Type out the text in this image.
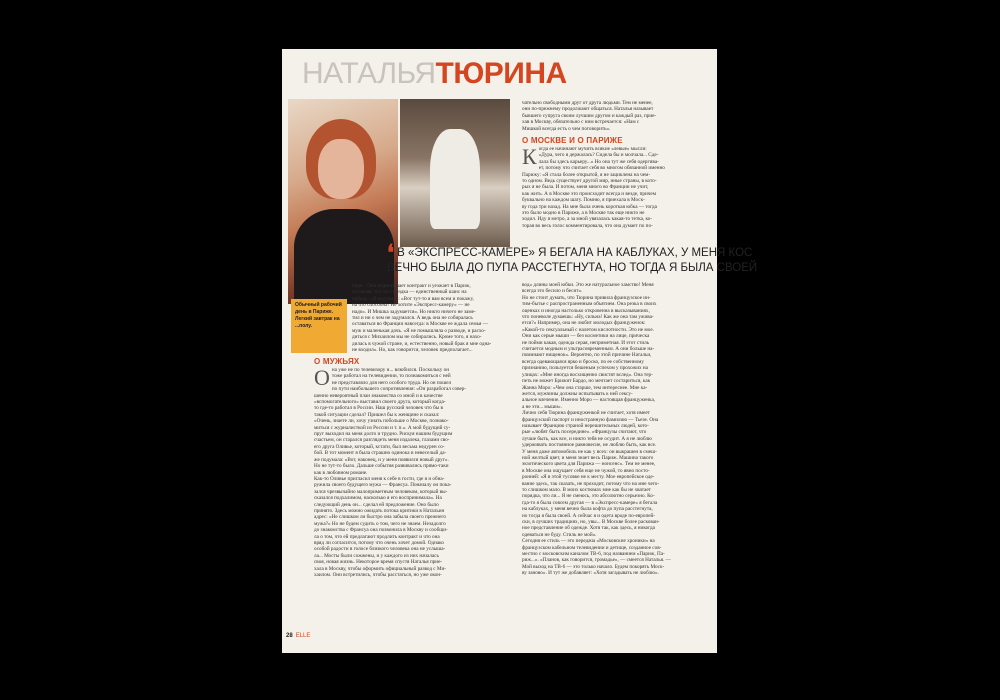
НАТАЛЬЯТЮРИНА
Обычный рабочий день в Париже. Легкий завтрак на ...полу.

чательно свободными друг от друга людьми. Тем не менее,

они по-прежнему продолжают общаться. Наталья называет

бывшего супруга своим лучшим другом и каждый раз, прие-

хав в Москву, обязательно с ним встречается: «Нам с

Мишкой всегда есть о чем поговорить».

О МОСКВЕ И О ПАРИЖЕ
К огда ее начинают мучить всякие «левые» мысли:

«Дура, чего я держалась? Сидела бы и молчала... Сде-

лала бы здесь карьеру...» Но она тут же себя одергива-

ет, потому что считает себя во многом обязанной именно

Парижу: «Я стала более открытой, я не зациклена на чем-

то одном. Ведь существует другой мир, иные страны, в кото-

рых я не была. И потом, меня много во Франции не учит,

как жить. А в Москве это происходит всегда и везде, причем

буквально на каждом шагу. Помню, я приехала в Моск-

ву года три назад. На мне была очень короткая юбка — тогда

это было модно в Париже, а в Москве так еще никто не

ходил. Иду я метро, а за мной увязалась какая-то тетка, ко-

торая во весь голос комментировала, что она думает по по-

❛ В «ЭКСПРЕСС-КАМЕРЕ» Я БЕГАЛА НА КАБЛУКАХ, У МЕНЯ КОС
ВЕЧНО БЫЛА ДО ПУПА РАССТЕГНУТА, НО ТОГДА Я БЫЛА СВОЕЙ

паде... Она подписывает контракт и уезжает в Париж,

оставляя, что это поездка — единственный шанс на

победу: «Я подумала: «Вот тут-то я вам всем и покажу,

на что способна! Не хотите «Экспресс-камеру» — не

надо». И Мишка задумается». Но никто ничего не заме-

тил и ни о чем не задумался. А ведь она не собиралась

оставаться во Франции навсегда: в Москве ее ждала семья —

муж и маленькая дочь. «Я не помышляла о разводе, и расхо-

диться с Михаилом мы не собирались. Кроме того, я нахо-

дилась в чужой стране, и, естественно, новый брак я мне одна-

не входил». Но, как говорится, человек предполагает...

О МУЖЬЯХ
О на уже не по телевизору и... влюбился. Поскольку он

тоже работал на телевидении, то познакомиться с ней

не представляло для него особого труда. Но он пошел

по пути наибольшего сопротивления: «Он разработал совер-

шенно невероятный план знакомства со мной и в качестве

«вспомогательного» выставил своего друга, который когда-

то где-то работал в России. Наш русский человек что бы в

такой ситуации сделал? Пришел бы к женщине и сказал:

«Очень, знаете ли, хочу узнать побольше о Москве, познако-

миться с журналисткой из России и т. п.». А мой будущий су-

пруг выходил на меня долго и трудно. Рискуя нашим будущим

счастьем, он старался разглядеть меня издалека, глазами сво-

его друга Оливье, который, кстати, был весьма недурен со-

бой. В тот момент я была страшно одинока и невеселый да-

же подумала: «Вот, наконец, и у меня появился новый друг».

Но не тут-то было. Дальше события развивались прямо-таки

как в любовном романе.

Как-то Оливье пригласил меня к себе в гости, где я и обна-

ружила своего будущего мужа — Франсуа. Поначалу он пока-

зался чрезвычайно малоприметным человеком, который вы-

сказался подхалимом, насколько я его воспринимала». На

следующий день он... сделал ей предложение. Оно было

принято. Здесь можно ожидать потока критики в Натальин

адрес: «Не слишком ли быстро она забыла своего прежнего

мужа?» Но не будем судить о том, чего не знаем. Незадолго

до знакомства с Франсуа она позвонила в Москву и сообщи-

ла о том, что ей предлагают продлить контракт и что она

вряд ли согласится, потому что очень хочет домой. Однако

особой радости в голосе близкого человека она не услыша-

ла... Мосты были сожжены, и у каждого из них началась

своя, новая жизнь. Некоторое время спустя Наталья прие-

хала в Москву, чтобы оформить официальный развод с Ми-

хаилом. Они встретились, чтобы расстаться, но уже окон-

вод» длины моей юбки. Это же натуральное хамство! Меня

всегда это бесило и бесит».

Но не стоит думать, что Тюрина привила французское ин-

тим-бытье с распространенным объятием. Она резка в своих

оценках и иногда настолько откровенна в высказываниях,

что поневоле думаешь: «Ну, сильна! Как же она там ужива-

ется?» Например, она не любит молодых француженок:

«Какой-то сексуальный с налетом кислотности. Это не мое.

Они как серые мыши — без косметики на лице, прическа

не пойми какая, одежда серая, неприметная. И этот стиль

считается модным и ультрасовременным. А они больше на-

поминают нищенок». Вероятно, по этой причине Натальи,

всегда одевающаяся ярко и броско, по ее собственному

признанию, пользуется бешеным успехом у прохожих на

улицах: «Мне иногда восхищенно свистят вслед». Она тер-

петь не может Брижит Бардо, но мечтает состариться, как

Жанна Моро: «Чем она старше, тем интереснее. Мне ка-

жется, мужчины должны испытывать к ней сексу-

альное влечение. Именно Моро — настоящая француженка,

а не эти... мыши».

Лично себя Тюрина француженкой не считает, хотя имеет

французский паспорт и иностранную фамилию — Тьезе. Она

называет Францию страной нерешительных людей, кото-

рые «любят быть посередине». «Французы считают, что

лучше быть, как все, и никто тебя не осудит. А я не люблю

удерживать постоянное равновесие, не люблю быть, как все.

У меня даже автомобиль не как у всех: он выкрашен в смеш-

ной желтый цвет, и меня знает весь Париж. Машина такого

экзотического цвета для Парижа — нонсенс». Тем не менее,

в Москве она ощущает себя еще не чужой, то явно посто-

ронней: «Я в этой тусовке не к месту. Мое европейское оде-

вание здесь, так сказать, не проходит, потому что на мне чего-

то слишком мало. В моих костюмах мне как бы не хватает

порядка, что ли... Я не смеюсь, это абсолютно серьезно. Ко-

гда-то я была совсем другая — в «Экспресс-камере» я бегала

на каблуках, у меня вечно была кофта до пупа расстегнута,

но тогда я была своей. А сейчас я и одета вроде по-европей-

ски, в лучших традициях, но, увы... В Москве более раскован-

ное представление об одежде. Хотя так, как здесь, я никогда

одеваться не буду. Стиль не мой».

Сегодня ее стиль — это передача «Московские хроники» на

французском кабельном телевидении и детище, созданное сов-

местно с московским каналом ТВ-6, под названием «Париж, Па-

риж...». «Планов, как говорится, громадье», — смеется Наталья. —

Мой выход на ТВ-6 — это только начало. Будем покорять Моск-

ву заново». И тут же добавляет: «Хотя загадывать не люблю».

28 ELLE
